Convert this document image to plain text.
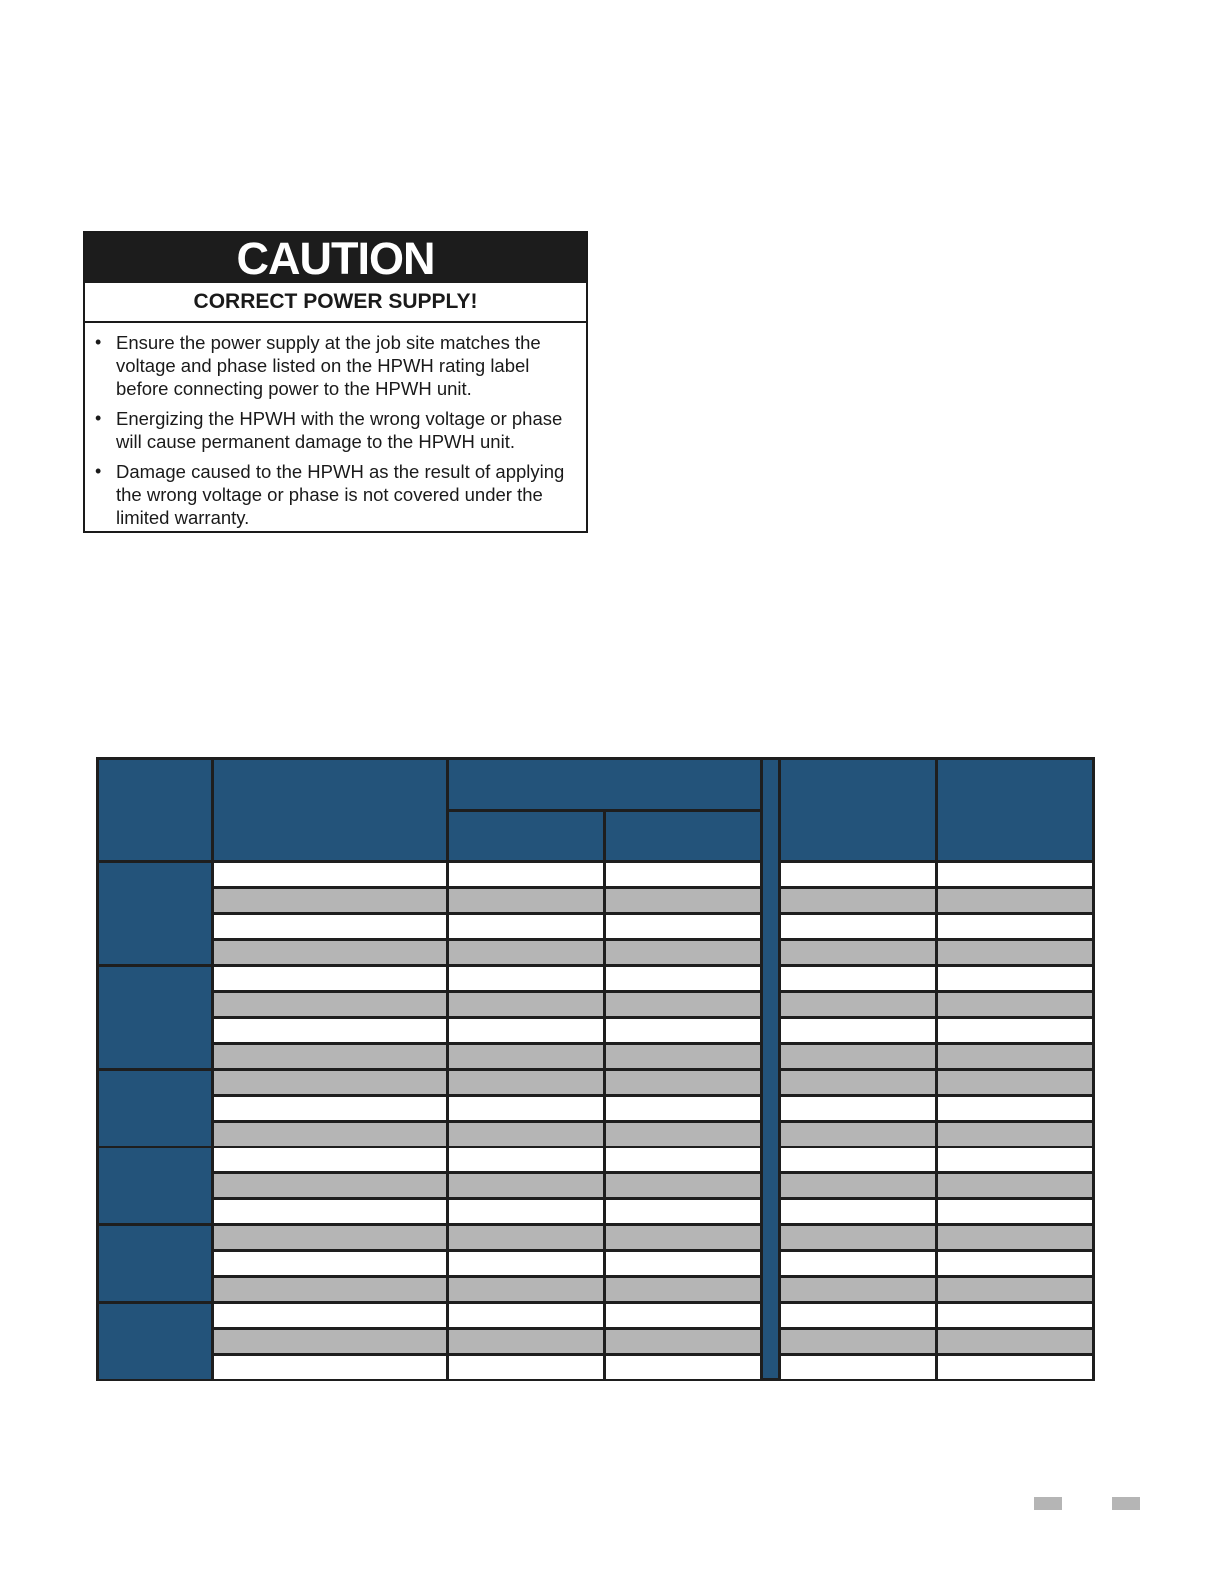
CAUTION
CORRECT POWER SUPPLY!
• Ensure the power supply at the job site matches the
voltage and phase listed on the HPWH rating label
before connecting power to the HPWH unit.
• Energizing the HPWH with the wrong voltage or phase
will cause permanent damage to the HPWH unit.
• Damage caused to the HPWH as the result of applying
the wrong voltage or phase is not covered under the
limited warranty.
